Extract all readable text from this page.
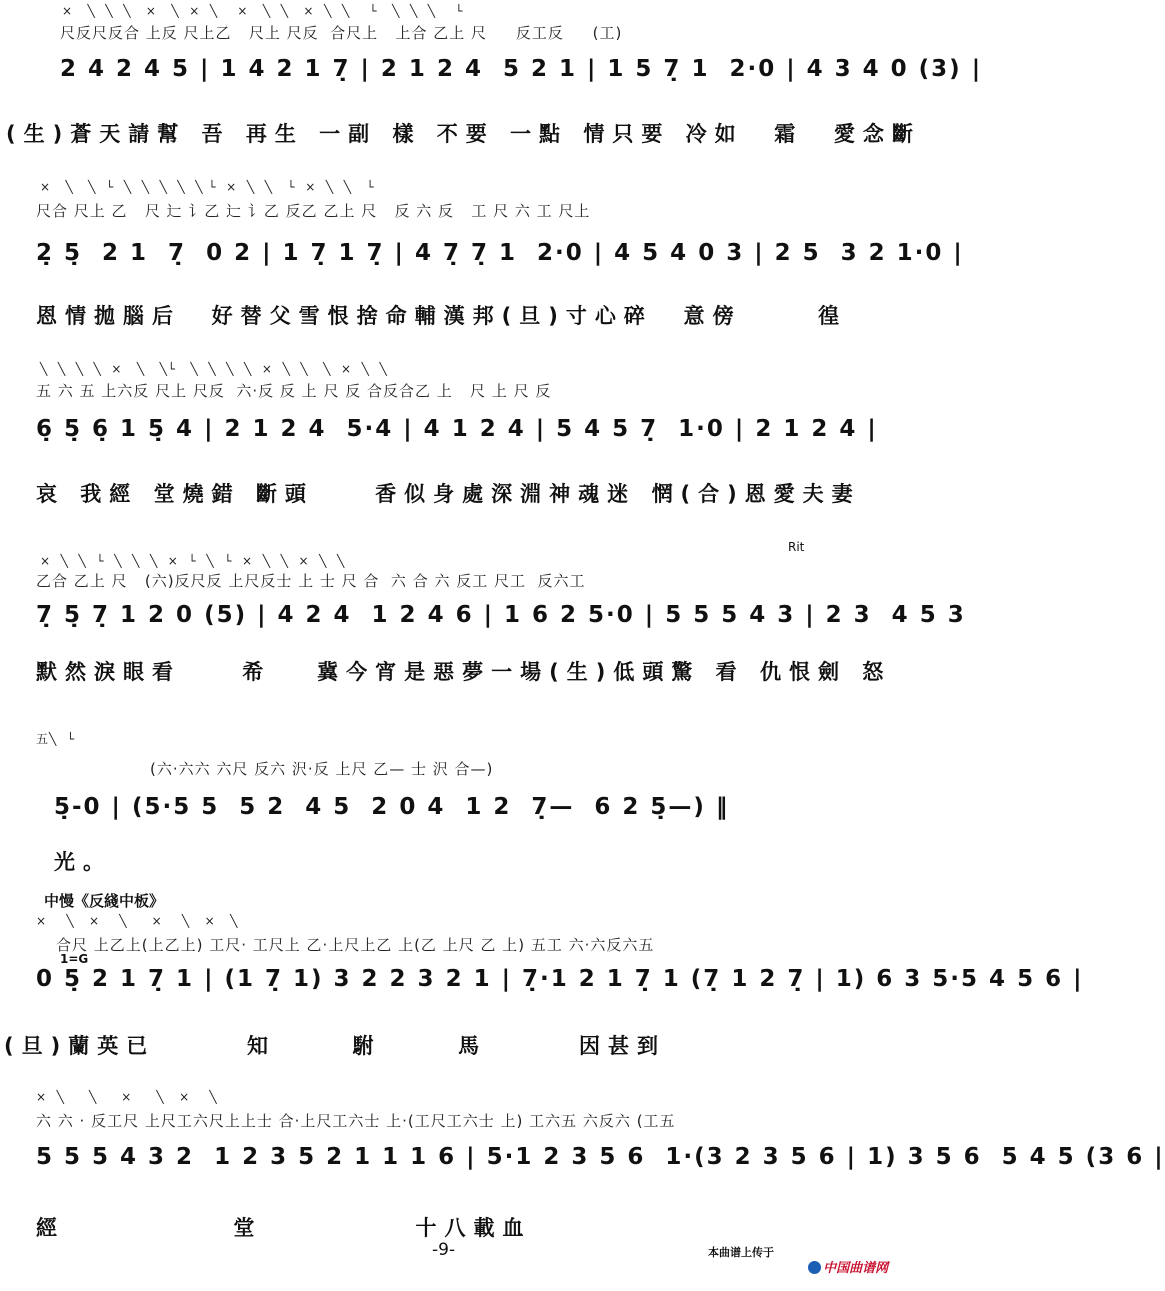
×   ╲  ╲  ╲   ×   ╲  ×  ╲    ×   ╲  ╲   ×  ╲  ╲    └   ╲  ╲  ╲    └
尺反尺反合 上反 尺上乙   尺上 尺反  合尺上   上合 乙上 尺     反工反     (工)
2 4 2 4 5 | 1 4 2 1 7̣ | 2 1 2 4  5 2 1 | 1 5 7̣ 1  2·0 | 4 3 4 0 (3) |
(生)蒼天請幫 吾 再生 一副 樣 不要 一點 情只要 冷如  霜  愛念斷
×   ╲   ╲  └  ╲  ╲  ╲  ╲  ╲ └  ×  ╲  ╲   └  ×  ╲  ╲   └
尺合 尺上 乙   尺 辷 讠乙 辷 讠乙 反乙 乙上 尺   反 六 反   工 尺 六 工 尺上
2̣ 5̣  2 1  7̣  0 2 | 1 7̣ 1 7̣ | 4 7̣ 7̣ 1  2·0 | 4 5 4 0 3 | 2 5  3 2 1·0 |
恩情拋腦后  好替父雪恨捨命輔漢邦(旦)寸心碎  意傍     徨
╲  ╲  ╲  ╲  ×   ╲   ╲└   ╲  ╲  ╲  ╲  ×  ╲  ╲   ╲  ×  ╲  ╲
五 六 五 上六反 尺上 尺反  六·反 反 上 尺 反 合反合乙 上   尺 上 尺 反
6̣ 5̣ 6̣ 1 5̣ 4 | 2 1 2 4  5·4 | 4 1 2 4 | 5 4 5 7̣  1·0 | 2 1 2 4 |
哀 我經 堂燒錯 斷頭    香似身處深淵神魂迷 惘(合)恩愛夫妻
Rit
×  ╲  ╲  └  ╲  ╲  ╲  ×  └  ╲  └  ×  ╲  ╲  ×  ╲  ╲
乙合 乙上 尺   (六)反尺反 上尺反士 上 士 尺 合  六 合 六 反工 尺工  反六工
7̣ 5̣ 7̣ 1 2 0 (5) | 4 2 4  1 2 4 6 | 1 6 2 5·0 | 5 5 5 4 3 | 2 3  4 5 3
默然淚眼看    希   冀今宵是惡夢一場(生)低頭驚 看 仇恨劍 怒
五╲  └
(六·六六 六尺 反六 沢·反 上尺 乙— 士 沢 合—)
5̣-0 | (5·5 5  5 2  4 5  2 0 4  1 2  7̣—  6 2 5̣—) ‖
光。
中慢《反綫中板》
×    ╲   ×    ╲     ×    ╲   ×   ╲
合尺 上乙上(上乙上) 工尺· 工尺上 乙·上尺上乙 上(乙 上尺 乙 上) 五工 六·六反六五
1=G
0 5̣ 2 1 7̣ 1 | (1 7̣ 1) 3 2 2 3 2 1 | 7̣·1 2 1 7̣ 1 (7̣ 1 2 7̣ | 1) 6 3 5·5 4 5 6 |
(旦)蘭英已      知     駙     馬      因甚到
×  ╲     ╲     ×     ╲   ×    ╲
六 六 · 反工尺 上尺工六尺上上士 合·上尺工六士 上·(工尺工六士 上) 工六五 六反六 (工五
5 5 5 4 3 2  1 2 3 5 2 1 1 1 6 | 5·1 2 3 5 6  1·(3 2 3 5 6 | 1) 3 5 6  5 4 5 (3 6 |
經           堂          十八載血
-9-	本曲谱上传于

中国曲谱网
